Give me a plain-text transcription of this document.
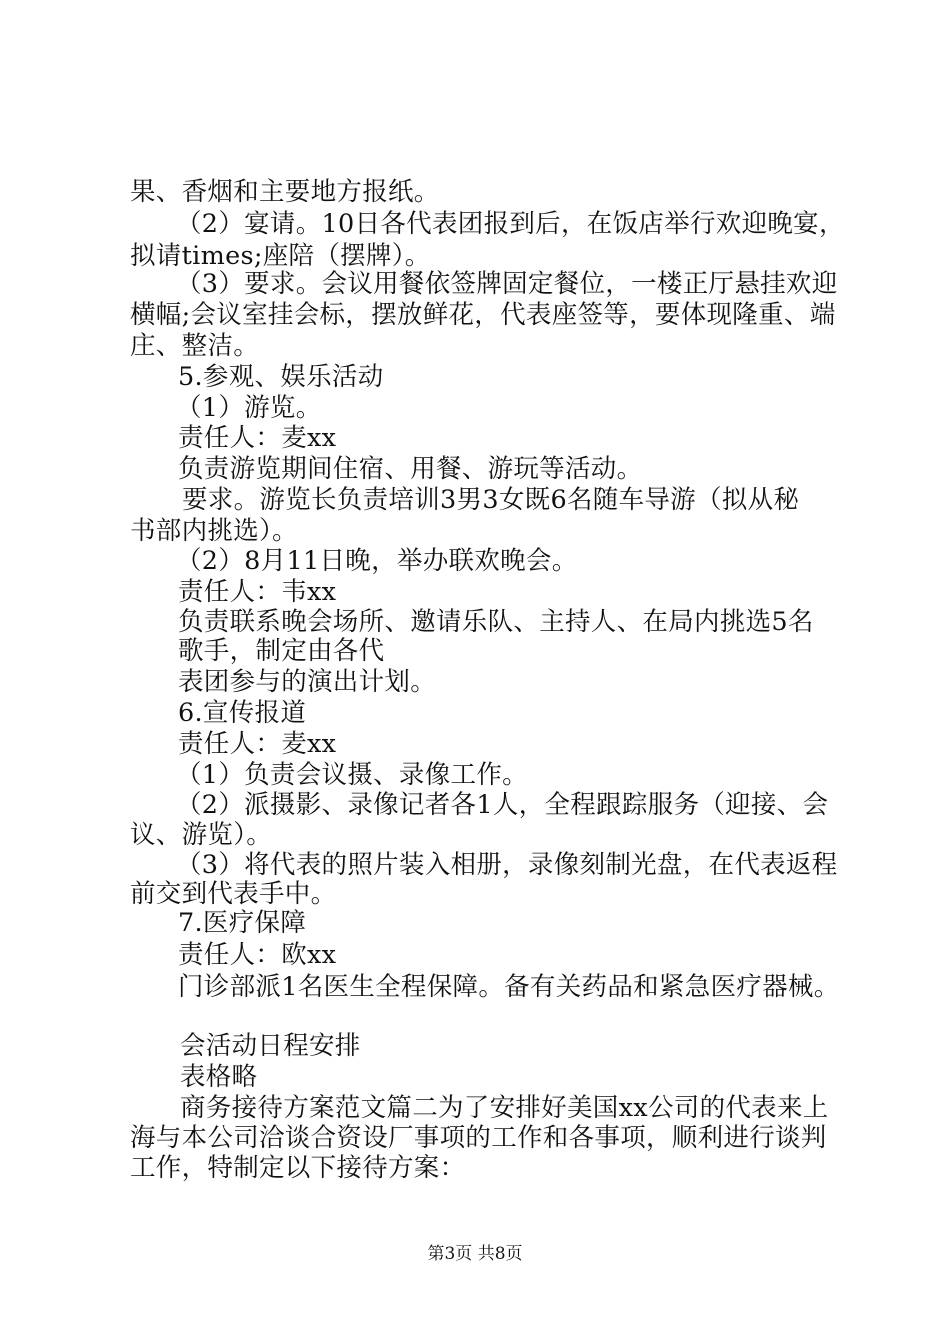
果、香烟和主要地方报纸。
（2）宴请。10日各代表团报到后，在饭店举行欢迎晚宴，
拟请times;座陪（摆牌）。
（3）要求。会议用餐依签牌固定餐位，一楼正厅悬挂欢迎
横幅;会议室挂会标，摆放鲜花，代表座签等，要体现隆重、端
庄、整洁。
5.参观、娱乐活动
（1）游览。
责任人：麦xx
负责游览期间住宿、用餐、游玩等活动。
要求。游览长负责培训3男3女既6名随车导游（拟从秘
书部内挑选）。
（2）8月11日晚，举办联欢晚会。
责任人：韦xx
负责联系晚会场所、邀请乐队、主持人、在局内挑选5名
歌手，制定由各代
表团参与的演出计划。
6.宣传报道
责任人：麦xx
（1）负责会议摄、录像工作。
（2）派摄影、录像记者各1人，全程跟踪服务（迎接、会
议、游览）。
（3）将代表的照片装入相册，录像刻制光盘，在代表返程
前交到代表手中。
7.医疗保障
责任人：欧xx
门诊部派1名医生全程保障。备有关药品和紧急医疗器械。
会活动日程安排
表格略
商务接待方案范文篇二为了安排好美国xx公司的代表来上
海与本公司洽谈合资设厂事项的工作和各事项，顺利进行谈判
工作，特制定以下接待方案：
第3页 共8页
